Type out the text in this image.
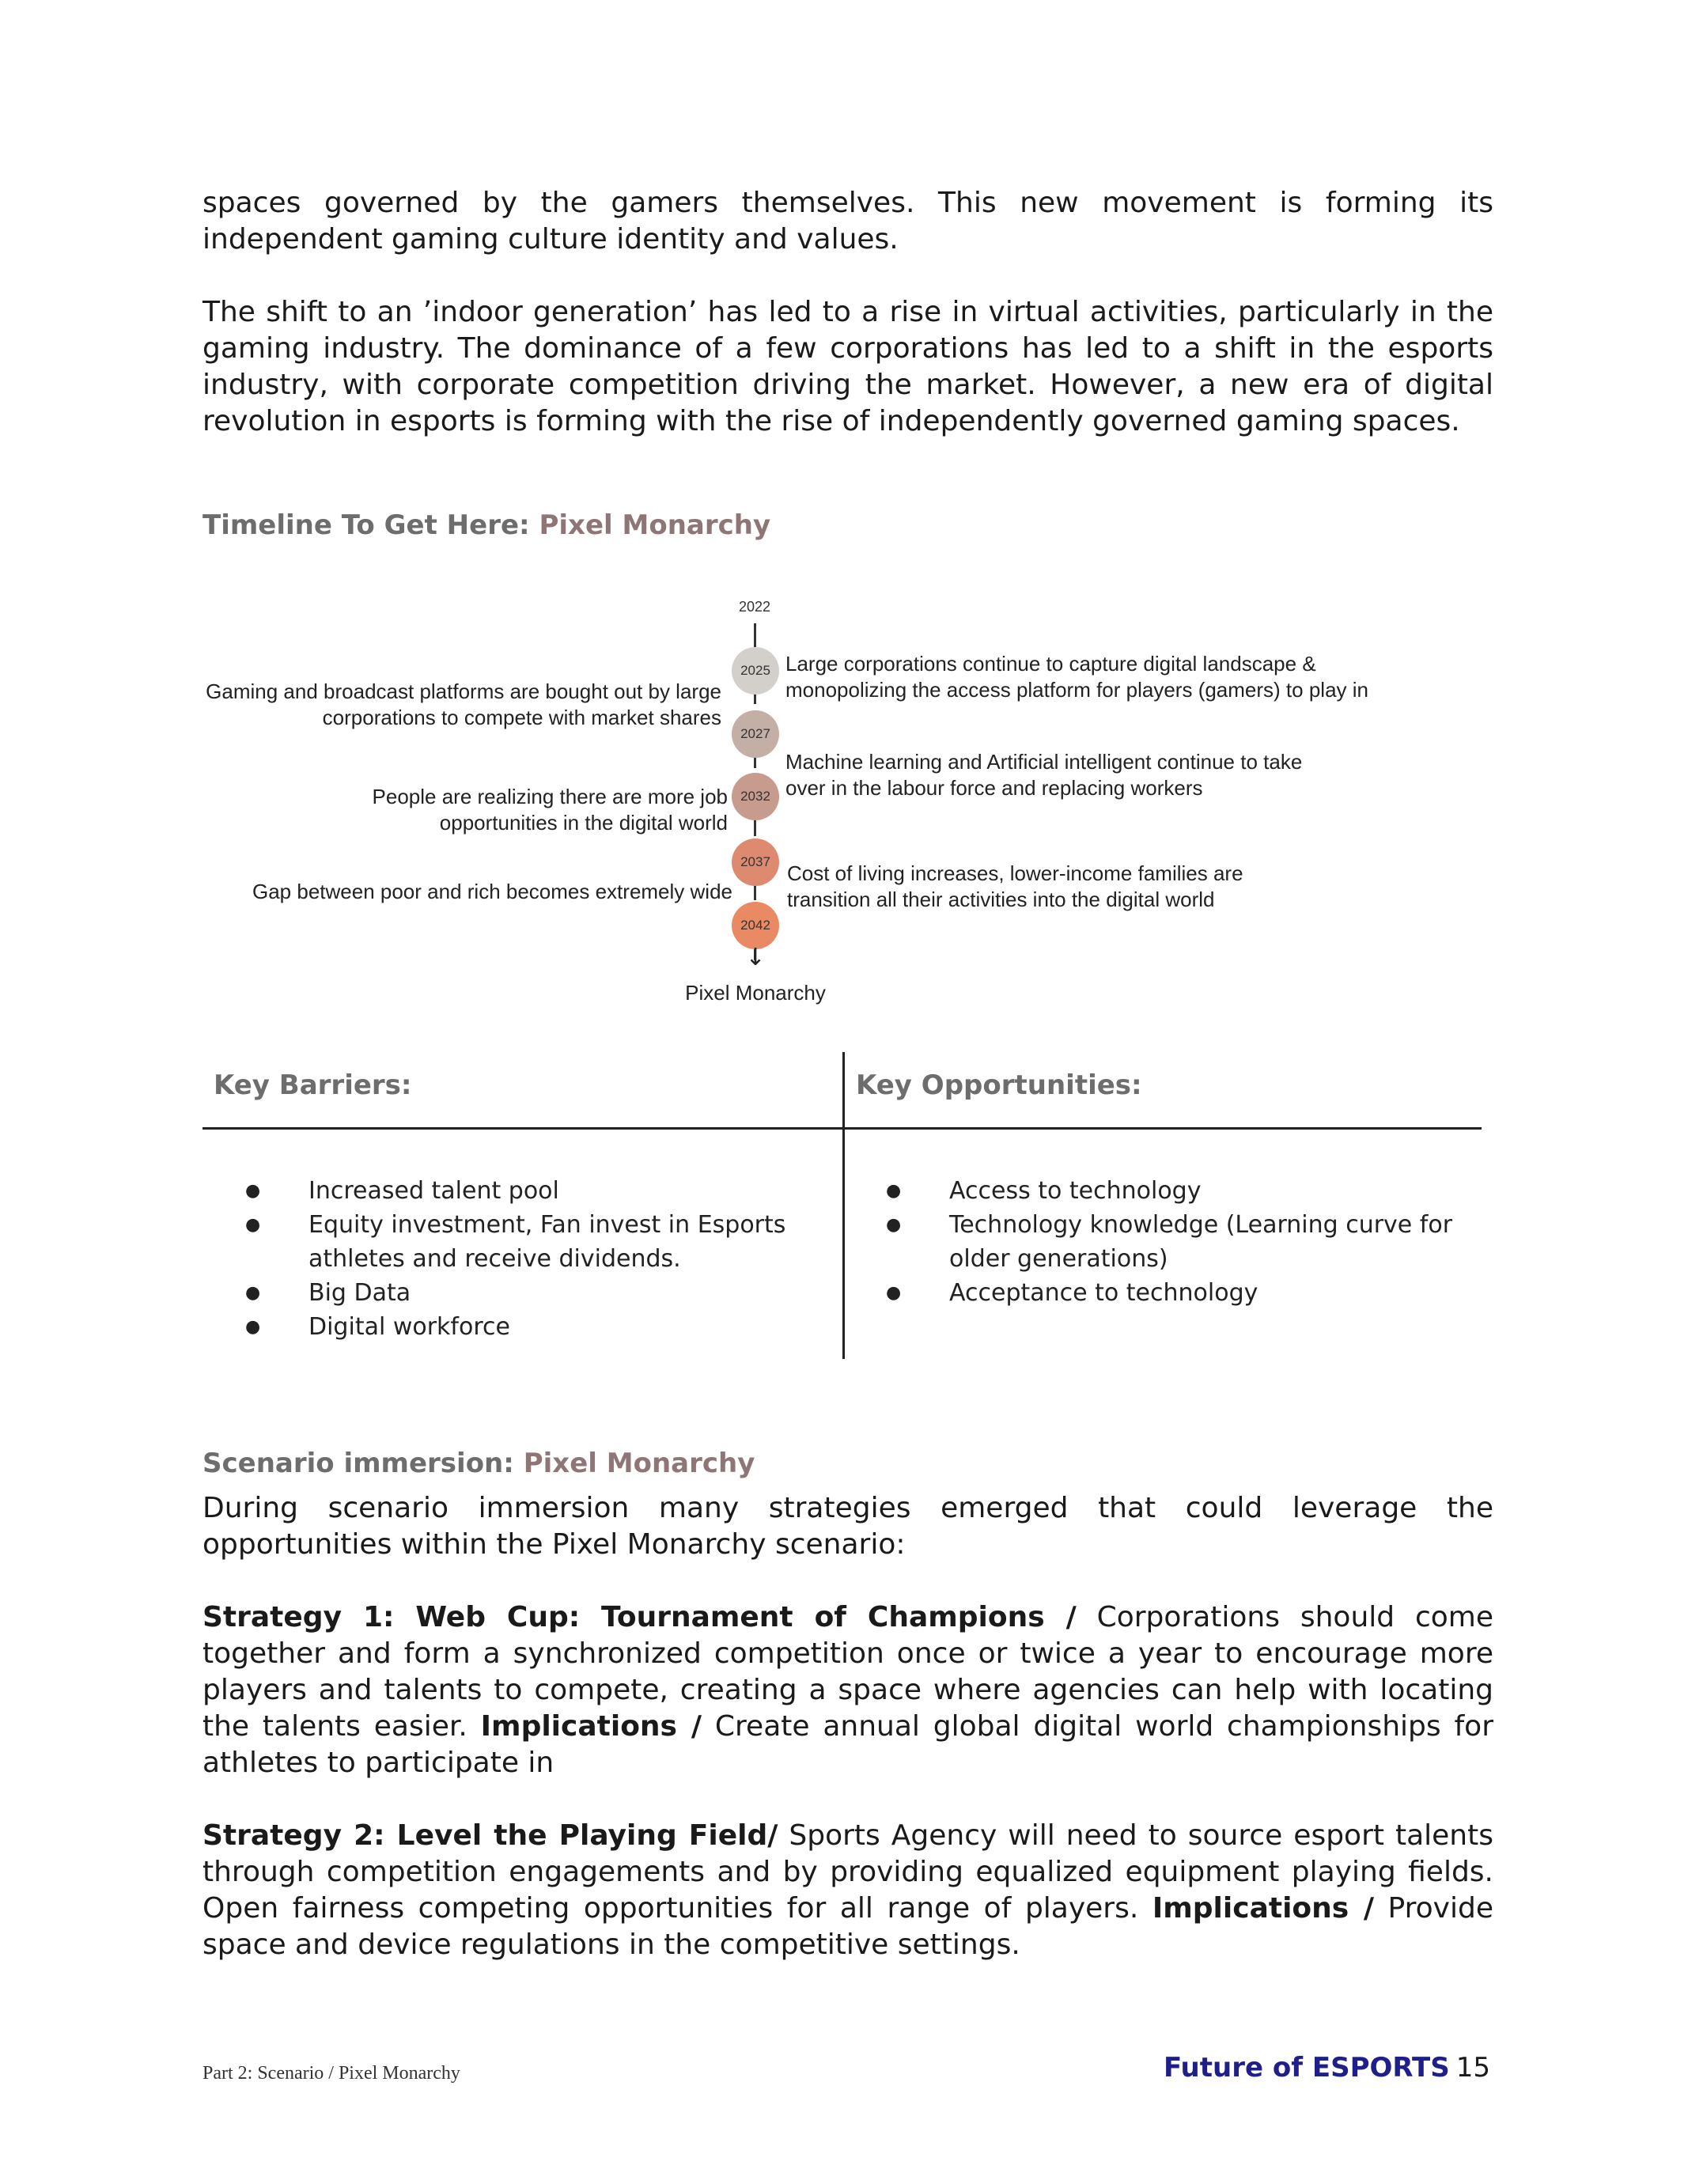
spaces governed by the gamers themselves. This new movement is forming its independent gaming culture identity and values.

The shift to an ’indoor generation’ has led to a rise in virtual activities, particularly in the gaming industry. The dominance of a few corporations has led to a shift in the esports industry, with corporate competition driving the market. However, a new era of digital revolution in esports is forming with the rise of independently governed gaming spaces.

Timeline To Get Here: Pixel Monarchy

2022
2025
2027
2032
2037
2042
↓
Pixel Monarchy

Large corporations continue to capture digital landscape & monopolizing the access platform for players (gamers) to play in

Machine learning and Artificial intelligent continue to take over in the labour force and replacing workers

Cost of living increases, lower-income families are transition all their activities into the digital world

Gaming and broadcast platforms are bought out by large corporations to compete with market shares

People are realizing there are more job opportunities in the digital world

Gap between poor and rich becomes extremely wide

Key Barriers:	Key Opportunities:

● Increased talent pool
● Equity investment, Fan invest in Esports athletes and receive dividends.
● Big Data
● Digital workforce
● Access to technology
● Technology knowledge (Learning curve for older generations)
● Acceptance to technology

Scenario immersion: Pixel Monarchy

During scenario immersion many strategies emerged that could leverage the opportunities within the Pixel Monarchy scenario:

Strategy 1: Web Cup: Tournament of Champions / Corporations should come together and form a synchronized competition once or twice a year to encourage more players and talents to compete, creating a space where agencies can help with locating the talents easier. Implications / Create annual global digital world championships for athletes to participate in

Strategy 2: Level the Playing Field/ Sports Agency will need to source esport talents through competition engagements and by providing equalized equipment playing fields. Open fairness competing opportunities for all range of players. Implications / Provide space and device regulations in the competitive settings.

Part 2: Scenario / Pixel Monarchy	Future of ESPORTS 15
